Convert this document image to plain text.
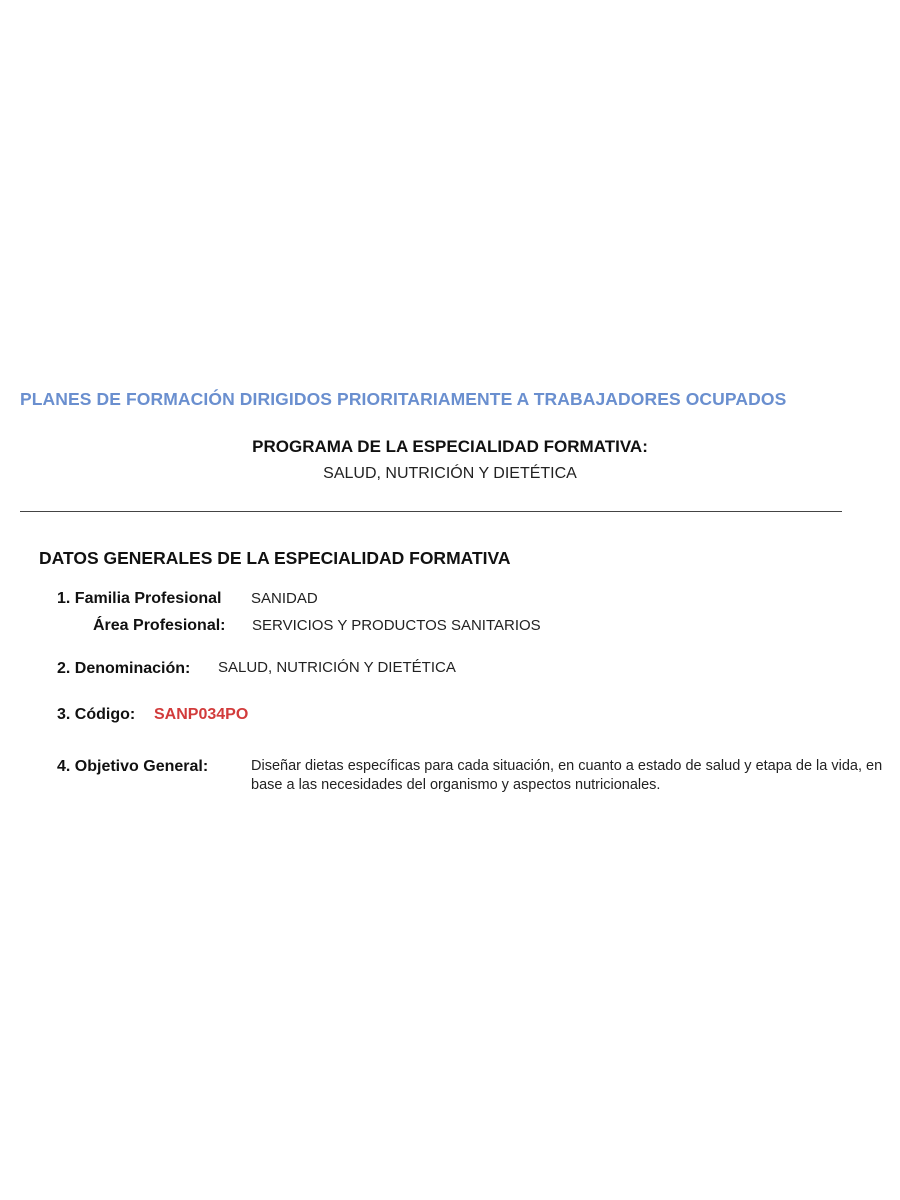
PLANES DE FORMACIÓN DIRIGIDOS PRIORITARIAMENTE A TRABAJADORES OCUPADOS
PROGRAMA DE LA ESPECIALIDAD FORMATIVA:
SALUD, NUTRICIÓN Y DIETÉTICA
DATOS GENERALES DE LA ESPECIALIDAD FORMATIVA
1. Familia Profesional SANIDAD
Área Profesional: SERVICIOS Y PRODUCTOS SANITARIOS
2. Denominación: SALUD, NUTRICIÓN Y DIETÉTICA
3. Código: SANP034PO
4. Objetivo General:	Diseñar dietas específicas para cada situación, en cuanto a estado de salud y etapa de la vida, en base a las necesidades del organismo y aspectos nutricionales.
